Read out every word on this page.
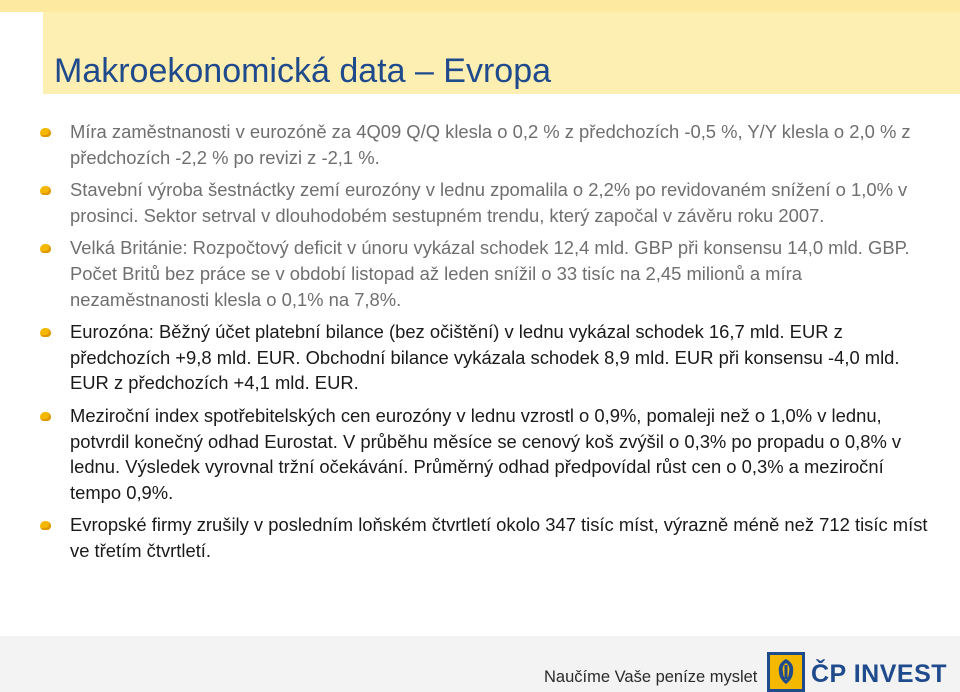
Makroekonomická data – Evropa
Míra zaměstnanosti v eurozóně za 4Q09 Q/Q klesla o 0,2 % z předchozích -0,5 %, Y/Y klesla o 2,0 % z předchozích -2,2 % po revizi z -2,1 %.
Stavební výroba šestnáctky zemí eurozóny v lednu zpomalila o 2,2% po revidovaném snížení o 1,0% v prosinci. Sektor setrval v dlouhodobém sestupném trendu, který započal v závěru roku 2007.
Velká Británie: Rozpočtový deficit v únoru vykázal schodek 12,4 mld. GBP při konsensu 14,0 mld. GBP. Počet Britů bez práce se v období listopad až leden snížil o 33 tisíc na 2,45 milionů a míra nezaměstnanosti klesla o 0,1% na 7,8%.
Eurozóna: Běžný účet platební bilance (bez očištění) v lednu vykázal schodek 16,7 mld. EUR z předchozích +9,8 mld. EUR. Obchodní bilance vykázala schodek 8,9 mld. EUR při konsensu -4,0 mld. EUR z předchozích +4,1 mld. EUR.
Meziroční index spotřebitelských cen eurozóny v lednu vzrostl o 0,9%, pomaleji než o 1,0% v lednu, potvrdil konečný odhad Eurostat. V průběhu měsíce se cenový koš zvýšil o 0,3% po propadu o 0,8% v lednu. Výsledek vyrovnal tržní očekávání. Průměrný odhad předpovídal růst cen o 0,3% a meziroční tempo 0,9%.
Evropské firmy zrušily v posledním loňském čtvrtletí okolo 347 tisíc míst, výrazně méně než 712 tisíc míst ve třetím čtvrtletí.
Naučíme Vaše peníze myslet ČP INVEST
